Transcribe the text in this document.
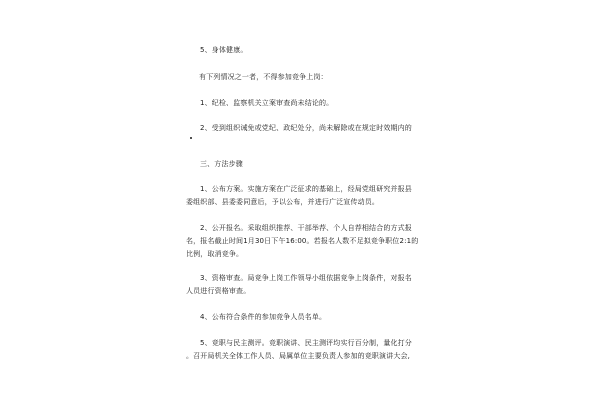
5、身体健康。

有下列情况之一者，不得参加竞争上岗：

1、纪检、监察机关立案审查尚未结论的。

2、受到组织诫免或党纪、政纪处分，尚未解除或在规定时效期内的

三、方法步骤

1、公布方案。实施方案在广泛征求的基础上，经局党组研究并报县
委组织部、县委委同意后，予以公布，并进行广泛宣传动员。

2、公开报名。采取组织推荐、干部举荐、个人自荐相结合的方式报
名，报名截止时间1月30日下午16:00。若报名人数不足拟竞争职位2:1的
比例，取消竞争。

3、资格审查。局竞争上岗工作领导小组依据竞争上岗条件，对报名
人员进行资格审查。

4、公布符合条件的参加竞争人员名单。

5、竞职与民主测评。竞职演讲、民主测评均实行百分制，量化打分
。召开局机关全体工作人员、局属单位主要负责人参加的竞职演讲大会,
